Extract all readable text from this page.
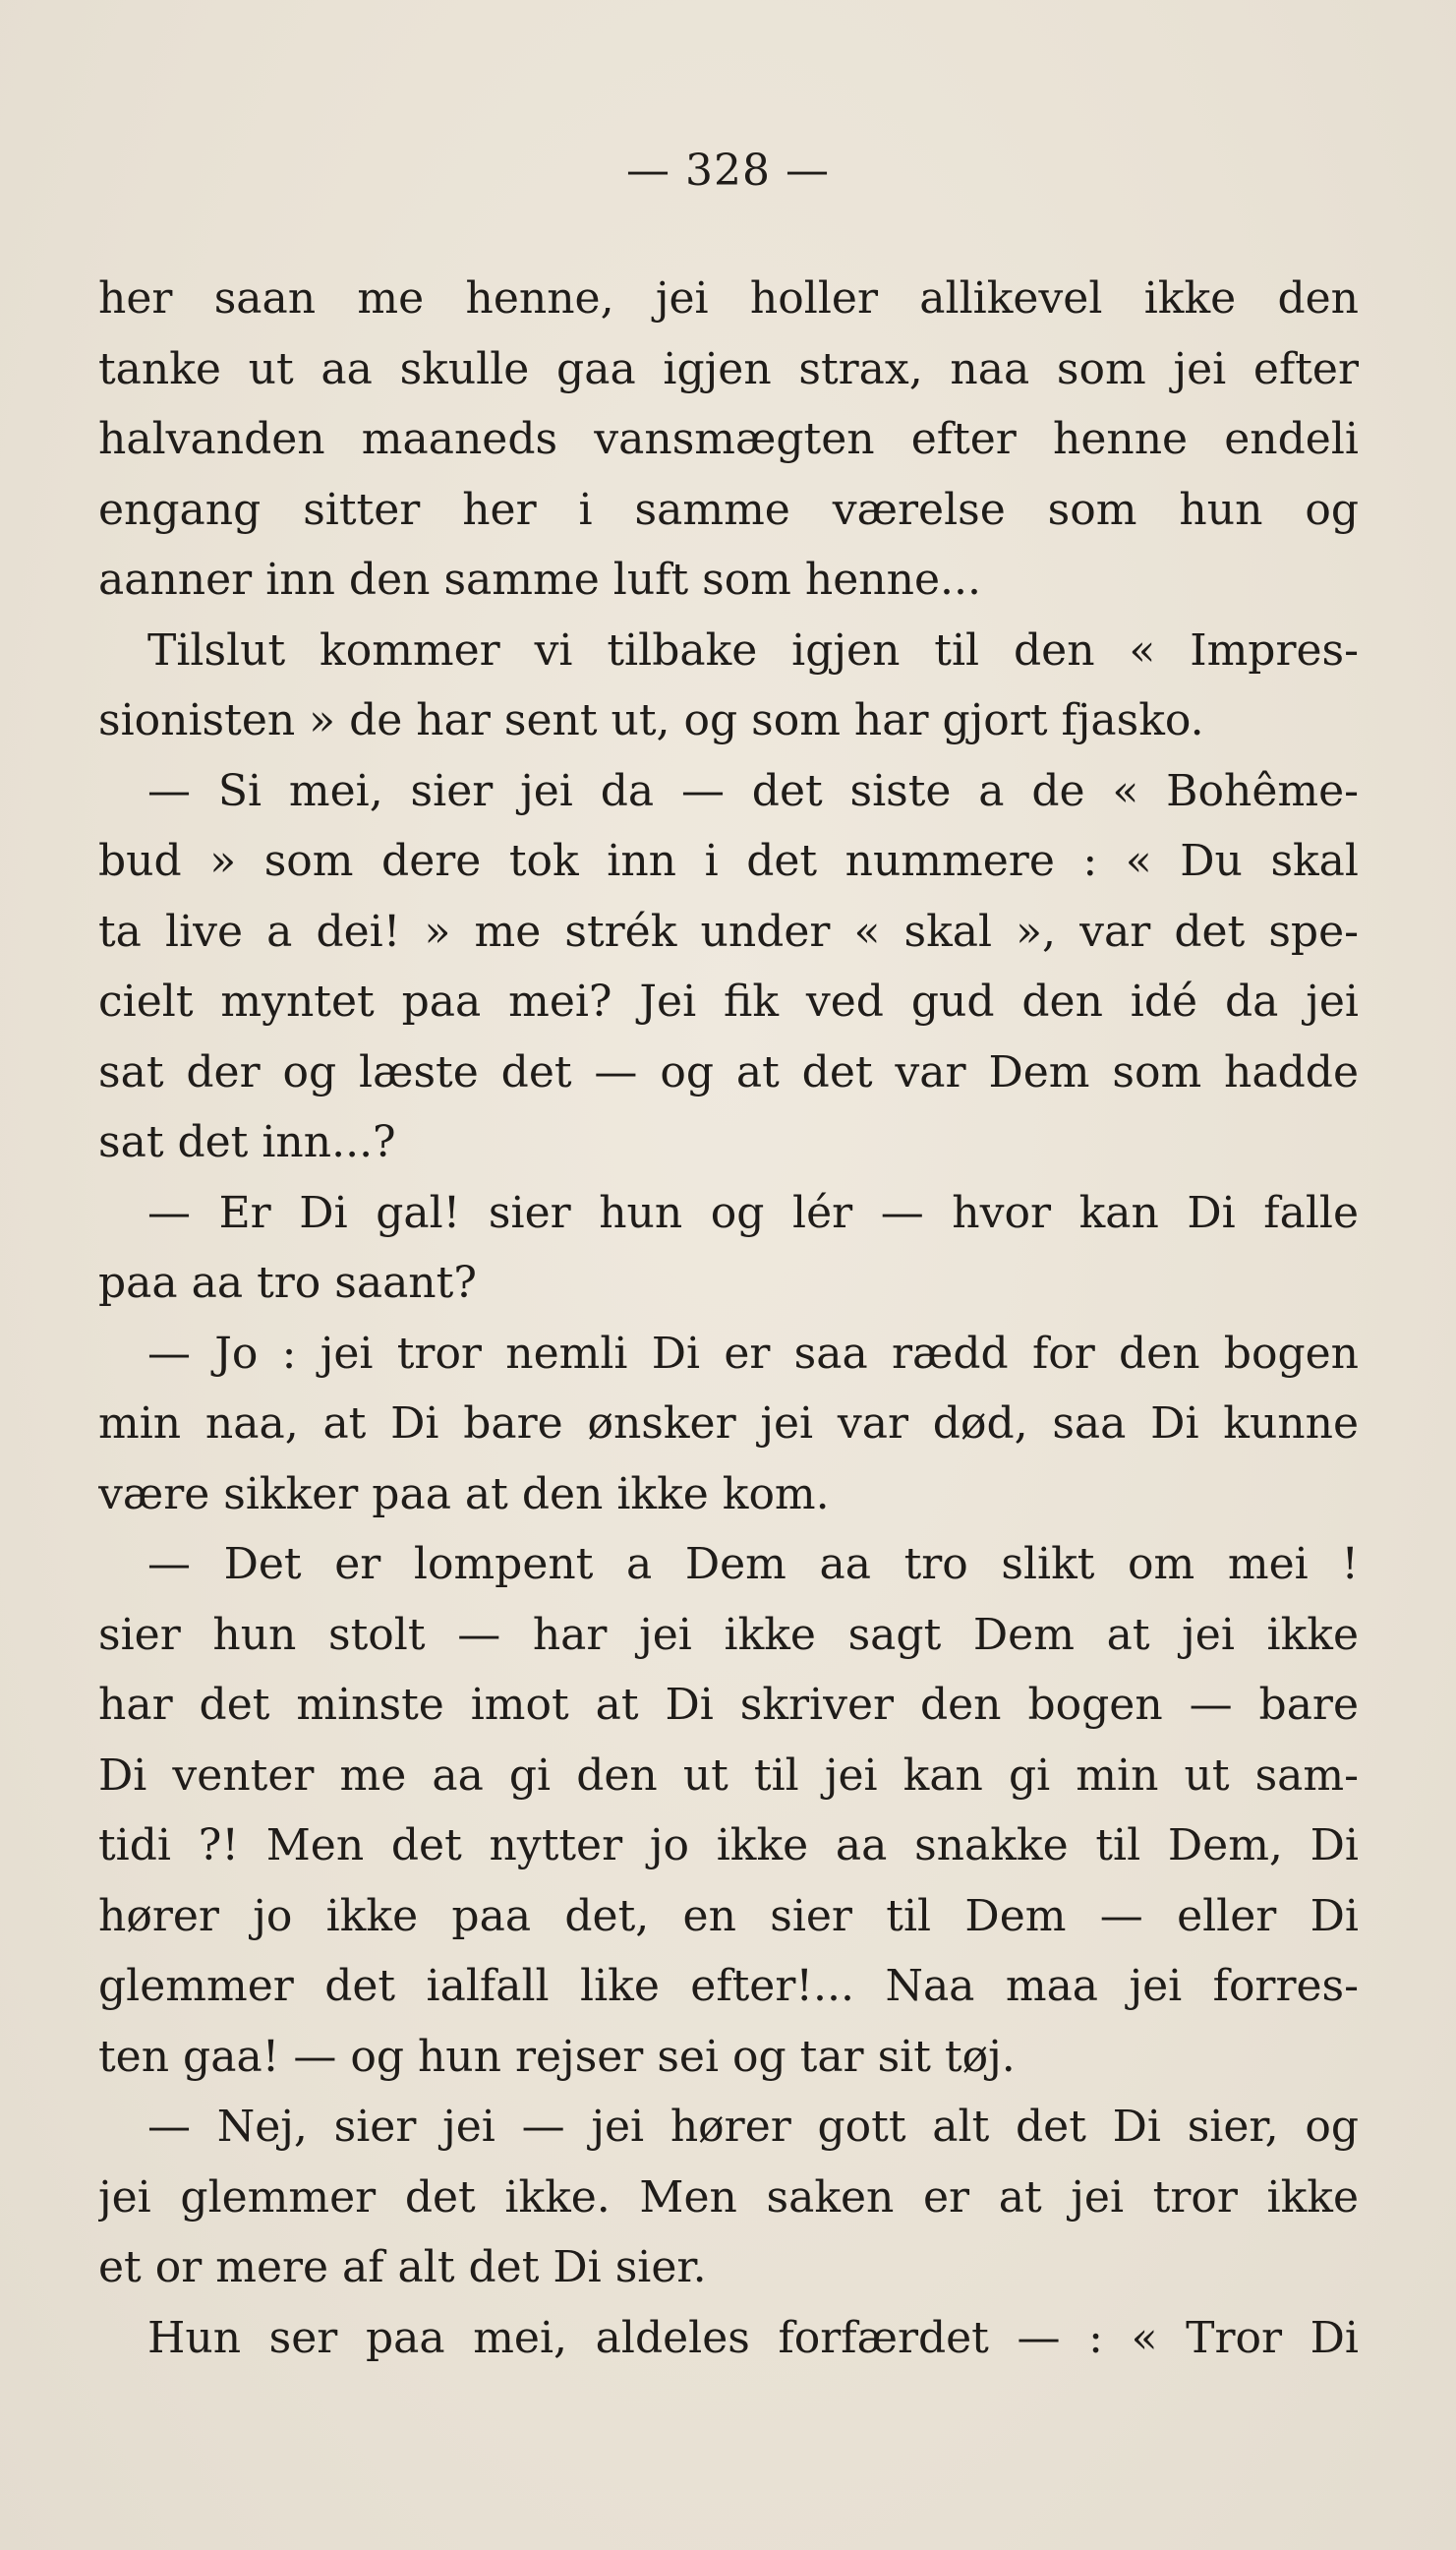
— 328 —
her saan me henne, jei holler allikevel ikke den
tanke ut aa skulle gaa igjen strax, naa som jei efter
halvanden maaneds vansmægten efter henne endeli
engang sitter her i samme værelse som hun og
aanner inn den samme luft som henne...
Tilslut kommer vi tilbake igjen til den « Impres-
sionisten » de har sent ut, og som har gjort fjasko.
— Si mei, sier jei da — det siste a de « Bohême-
bud » som dere tok inn i det nummere : « Du skal
ta live a dei! » me strék under « skal », var det spe-
cielt myntet paa mei? Jei fik ved gud den idé da jei
sat der og læste det — og at det var Dem som hadde
sat det inn...?
— Er Di gal! sier hun og lér — hvor kan Di falle
paa aa tro saant?
— Jo : jei tror nemli Di er saa rædd for den bogen
min naa, at Di bare ønsker jei var død, saa Di kunne
være sikker paa at den ikke kom.
— Det er lompent a Dem aa tro slikt om mei !
sier hun stolt — har jei ikke sagt Dem at jei ikke
har det minste imot at Di skriver den bogen — bare
Di venter me aa gi den ut til jei kan gi min ut sam-
tidi ?! Men det nytter jo ikke aa snakke til Dem, Di
hører jo ikke paa det, en sier til Dem — eller Di
glemmer det ialfall like efter!... Naa maa jei forres-
ten gaa! — og hun rejser sei og tar sit tøj.
— Nej, sier jei — jei hører gott alt det Di sier, og
jei glemmer det ikke. Men saken er at jei tror ikke
et or mere af alt det Di sier.
Hun ser paa mei, aldeles forfærdet — : « Tror Di
